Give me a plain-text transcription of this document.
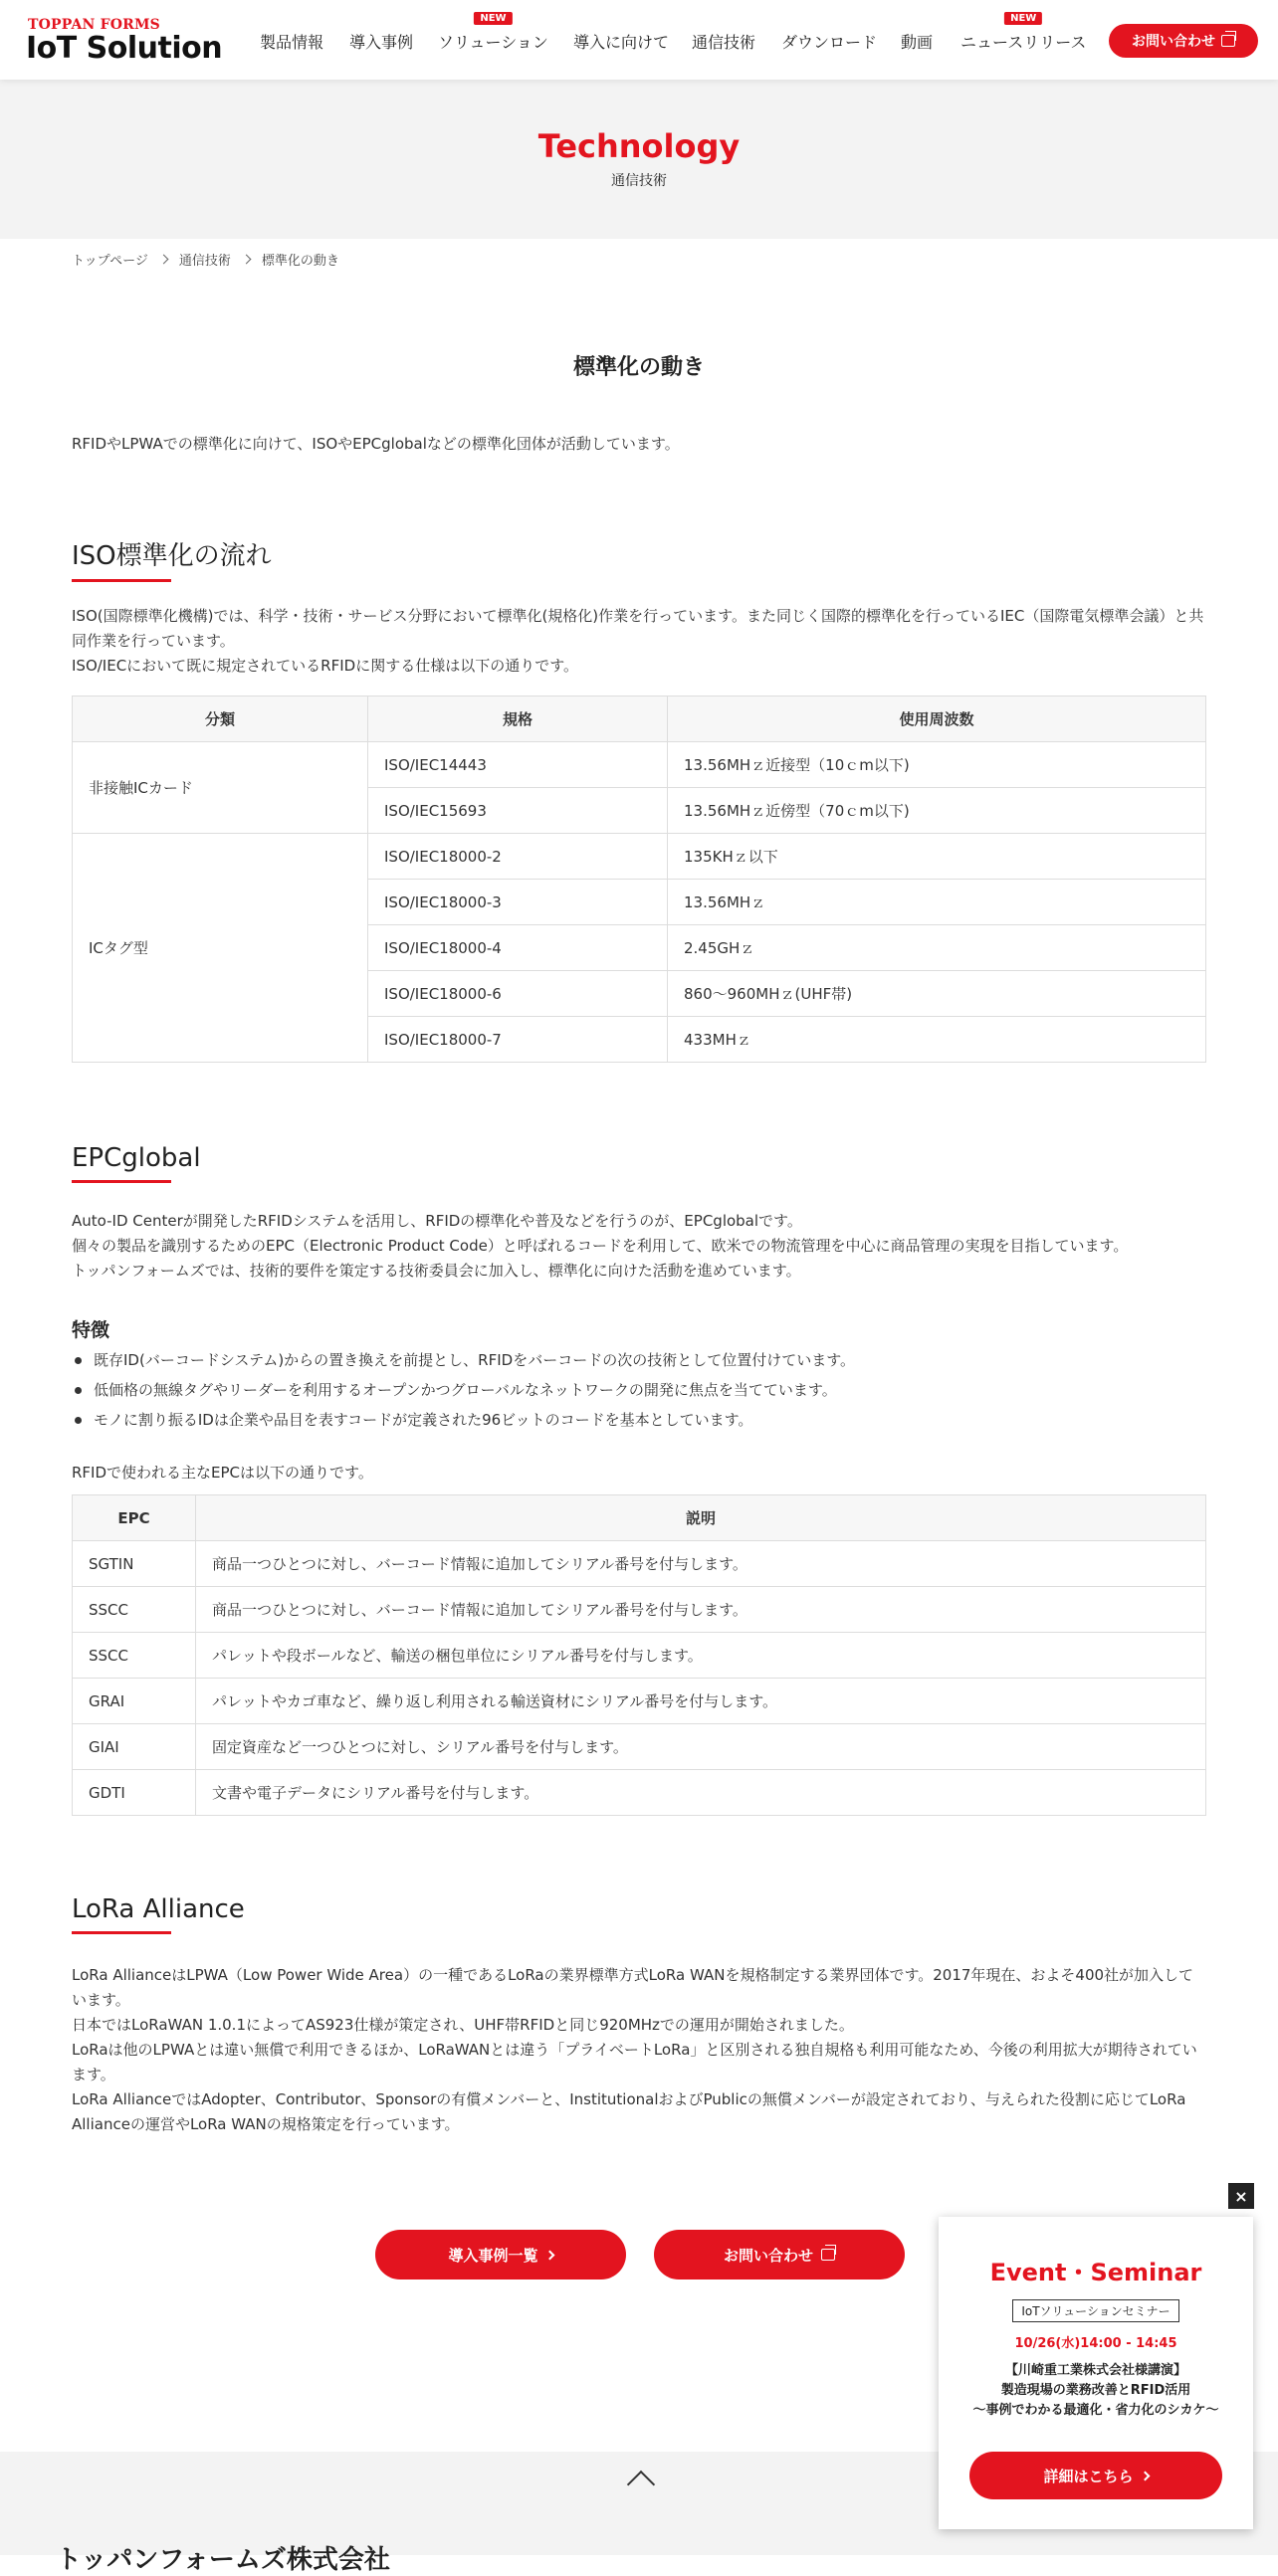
TOPPAN FORMS
IoT Solution 製品情報 導入事例
NEW
ソリューション 導入に向けて 通信技術 ダウンロード 動画
NEW
ニュースリリース	お問い合わせ
Technology
通信技術
トップページ 通信技術 標準化の動き
標準化の動き
RFIDやLPWAでの標準化に向けて、ISOやEPCglobalなどの標準化団体が活動しています。
ISO標準化の流れ
ISO(国際標準化機構)では、科学・技術・サービス分野において標準化(規格化)作業を行っています。また同じく国際的標準化を行っているIEC（国際電気標準会議）と共同作業を行っています。
ISO/IECにおいて既に規定されているRFIDに関する仕様は以下の通りです。
分類	規格	使用周波数
非接触ICカード	ISO/IEC14443	13.56MHｚ近接型（10ｃm以下)
	ISO/IEC15693	13.56MHｚ近傍型（70ｃm以下)
ICタグ型	ISO/IEC18000-2	135KHｚ以下
	ISO/IEC18000-3	13.56MHｚ
	ISO/IEC18000-4	2.45GHｚ
	ISO/IEC18000-6	860〜960MHｚ(UHF帯)
	ISO/IEC18000-7	433MHｚ
EPCglobal
Auto-ID Centerが開発したRFIDシステムを活用し、RFIDの標準化や普及などを行うのが、EPCglobalです。
個々の製品を識別するためのEPC（Electronic Product Code）と呼ばれるコードを利用して、欧米での物流管理を中心に商品管理の実現を目指しています。
トッパンフォームズでは、技術的要件を策定する技術委員会に加入し、標準化に向けた活動を進めています。
特徴
既存ID(バーコードシステム)からの置き換えを前提とし、RFIDをバーコードの次の技術として位置付けています。
低価格の無線タグやリーダーを利用するオープンかつグローバルなネットワークの開発に焦点を当てています。
モノに割り振るIDは企業や品目を表すコードが定義された96ビットのコードを基本としています。
RFIDで使われる主なEPCは以下の通りです。
EPC	説明
SGTIN	商品一つひとつに対し、バーコード情報に追加してシリアル番号を付与します。
SSCC	商品一つひとつに対し、バーコード情報に追加してシリアル番号を付与します。
SSCC	パレットや段ボールなど、輸送の梱包単位にシリアル番号を付与します。
GRAI	パレットやカゴ車など、繰り返し利用される輸送資材にシリアル番号を付与します。
GIAI	固定資産など一つひとつに対し、シリアル番号を付与します。
GDTI	文書や電子データにシリアル番号を付与します。
LoRa Alliance
LoRa AllianceはLPWA（Low Power Wide Area）の一種であるLoRaの業界標準方式LoRa WANを規格制定する業界団体です。2017年現在、およそ400社が加入しています。
日本ではLoRaWAN 1.0.1によってAS923仕様が策定され、UHF帯RFIDと同じ920MHzでの運用が開始されました。
LoRaは他のLPWAとは違い無償で利用できるほか、LoRaWANとは違う「プライベートLoRa」と区別される独自規格も利用可能なため、今後の利用拡大が期待されています。
LoRa AllianceではAdopter、Contributor、Sponsorの有償メンバーと、InstitutionalおよびPublicの無償メンバーが設定されており、与えられた役割に応じてLoRa Allianceの運営やLoRa WANの規格策定を行っています。
導入事例一覧	お問い合わせ
トッパンフォームズ株式会社
×
Event・Seminar
IoTソリューションセミナー
10/26(水)14:00 - 14:45
【川崎重工業株式会社様講演】
製造現場の業務改善とRFID活用
〜事例でわかる最適化・省力化のシカケ〜
詳細はこちら
